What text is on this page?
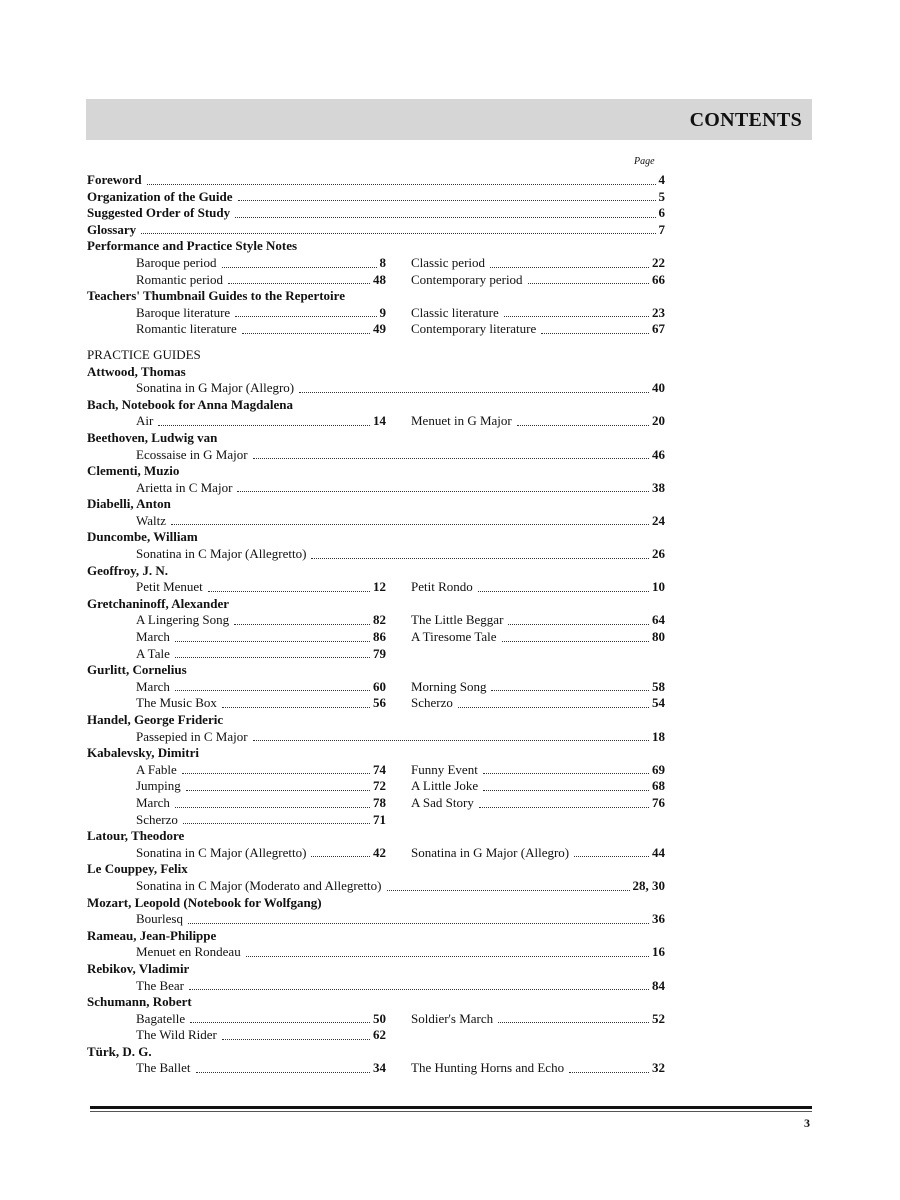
CONTENTS
Page
Foreword	4
Organization of the Guide	5
Suggested Order of Study	6
Glossary	7
Performance and Practice Style Notes
Baroque period	8 Classic period	22
Romantic period	48 Contemporary period	66
Teachers' Thumbnail Guides to the Repertoire
Baroque literature	9 Classic literature	23
Romantic literature	49 Contemporary literature	67
PRACTICE GUIDES
Attwood, Thomas
Sonatina in G Major (Allegro)	40
Bach, Notebook for Anna Magdalena
Air	14 Menuet in G Major	20
Beethoven, Ludwig van
Ecossaise in G Major	46
Clementi, Muzio
Arietta in C Major	38
Diabelli, Anton
Waltz	24
Duncombe, William
Sonatina in C Major (Allegretto)	26
Geoffroy, J. N.
Petit Menuet	12 Petit Rondo	10
Gretchaninoff, Alexander
A Lingering Song	82 The Little Beggar	64
March	86 A Tiresome Tale	80
A Tale	79
Gurlitt, Cornelius
March	60 Morning Song	58
The Music Box	56 Scherzo	54
Handel, George Frideric
Passepied in C Major	18
Kabalevsky, Dimitri
A Fable	74 Funny Event	69
Jumping	72 A Little Joke	68
March	78 A Sad Story	76
Scherzo	71
Latour, Theodore
Sonatina in C Major (Allegretto)	42 Sonatina in G Major (Allegro)	44
Le Couppey, Felix
Sonatina in C Major (Moderato and Allegretto)	28, 30
Mozart, Leopold (Notebook for Wolfgang)
Bourlesq	36
Rameau, Jean-Philippe
Menuet en Rondeau	16
Rebikov, Vladimir
The Bear	84
Schumann, Robert
Bagatelle	50 Soldier's March	52
The Wild Rider	62
Türk, D. G.
The Ballet	34 The Hunting Horns and Echo	32
3
